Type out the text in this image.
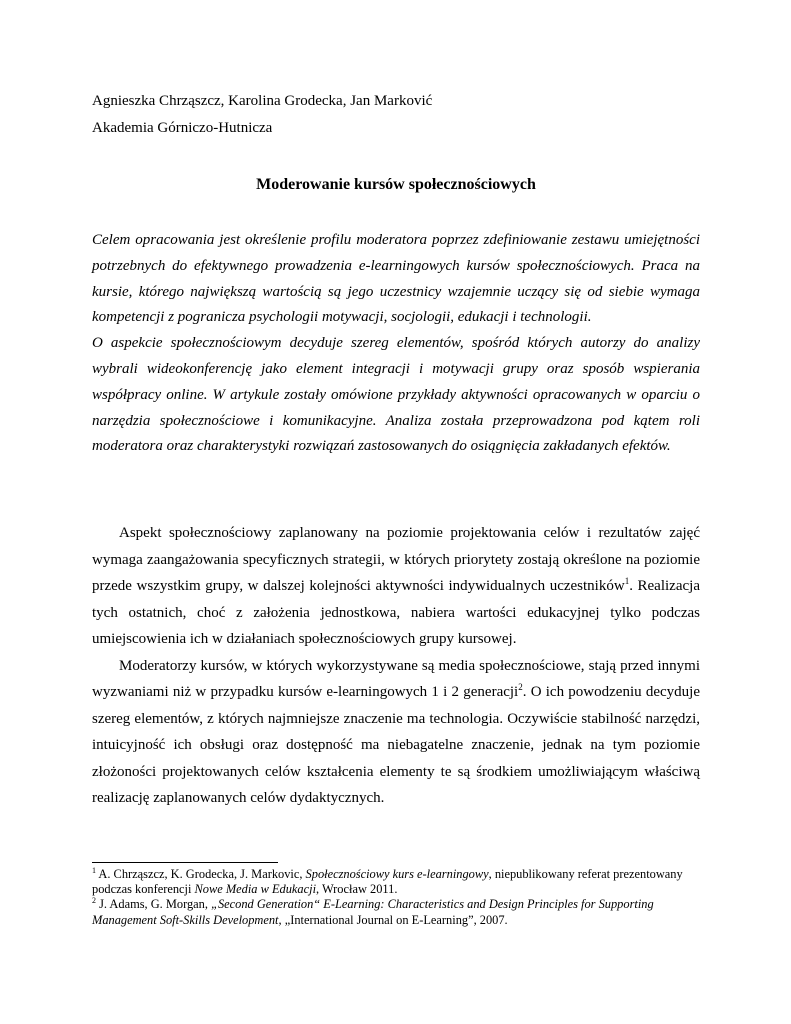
Agnieszka Chrząszcz, Karolina Grodecka, Jan Marković

Akademia Górniczo-Hutnicza

Moderowanie kursów społecznościowych

Celem opracowania jest określenie profilu moderatora poprzez zdefiniowanie zestawu umiejętności potrzebnych do efektywnego prowadzenia e-learningowych kursów społecznościowych. Praca na kursie, którego największą wartością są jego uczestnicy wzajemnie uczący się od siebie wymaga kompetencji z pogranicza psychologii motywacji, socjologii, edukacji i technologii.

O aspekcie społecznościowym decyduje szereg elementów, spośród których autorzy do analizy wybrali wideokonferencję jako element integracji i motywacji grupy oraz sposób wspierania współpracy online. W artykule zostały omówione przykłady aktywności opracowanych w oparciu o narzędzia społecznościowe i komunikacyjne. Analiza została przeprowadzona pod kątem roli moderatora oraz charakterystyki rozwiązań zastosowanych do osiągnięcia zakładanych efektów.

Aspekt społecznościowy zaplanowany na poziomie projektowania celów i rezultatów zajęć wymaga zaangażowania specyficznych strategii, w których priorytety zostają określone na poziomie przede wszystkim grupy, w dalszej kolejności aktywności indywidualnych uczestników$^1$. Realizacja tych ostatnich, choć z założenia jednostkowa, nabiera wartości edukacyjnej tylko podczas umiejscowienia ich w działaniach społecznościowych grupy kursowej.

Moderatorzy kursów, w których wykorzystywane są media społecznościowe, stają przed innymi wyzwaniami niż w przypadku kursów e-learningowych 1 i 2 generacji$^2$. O ich powodzeniu decyduje szereg elementów, z których najmniejsze znaczenie ma technologia. Oczywiście stabilność narzędzi, intuicyjność ich obsługi oraz dostępność ma niebagatelne znaczenie, jednak na tym poziomie złożoności projektowanych celów kształcenia elementy te są środkiem umożliwiającym właściwą realizację zaplanowanych celów dydaktycznych.

$^1$ A. Chrząszcz, K. Grodecka, J. Markovic, Społecznościowy kurs e-learningowy, niepublikowany referat prezentowany podczas konferencji Nowe Media w Edukacji, Wrocław 2011.

$^2$ J. Adams, G. Morgan, „Second Generation“ E-Learning: Characteristics and Design Principles for Supporting Management Soft-Skills Development, „International Journal on E-Learning”, 2007.
